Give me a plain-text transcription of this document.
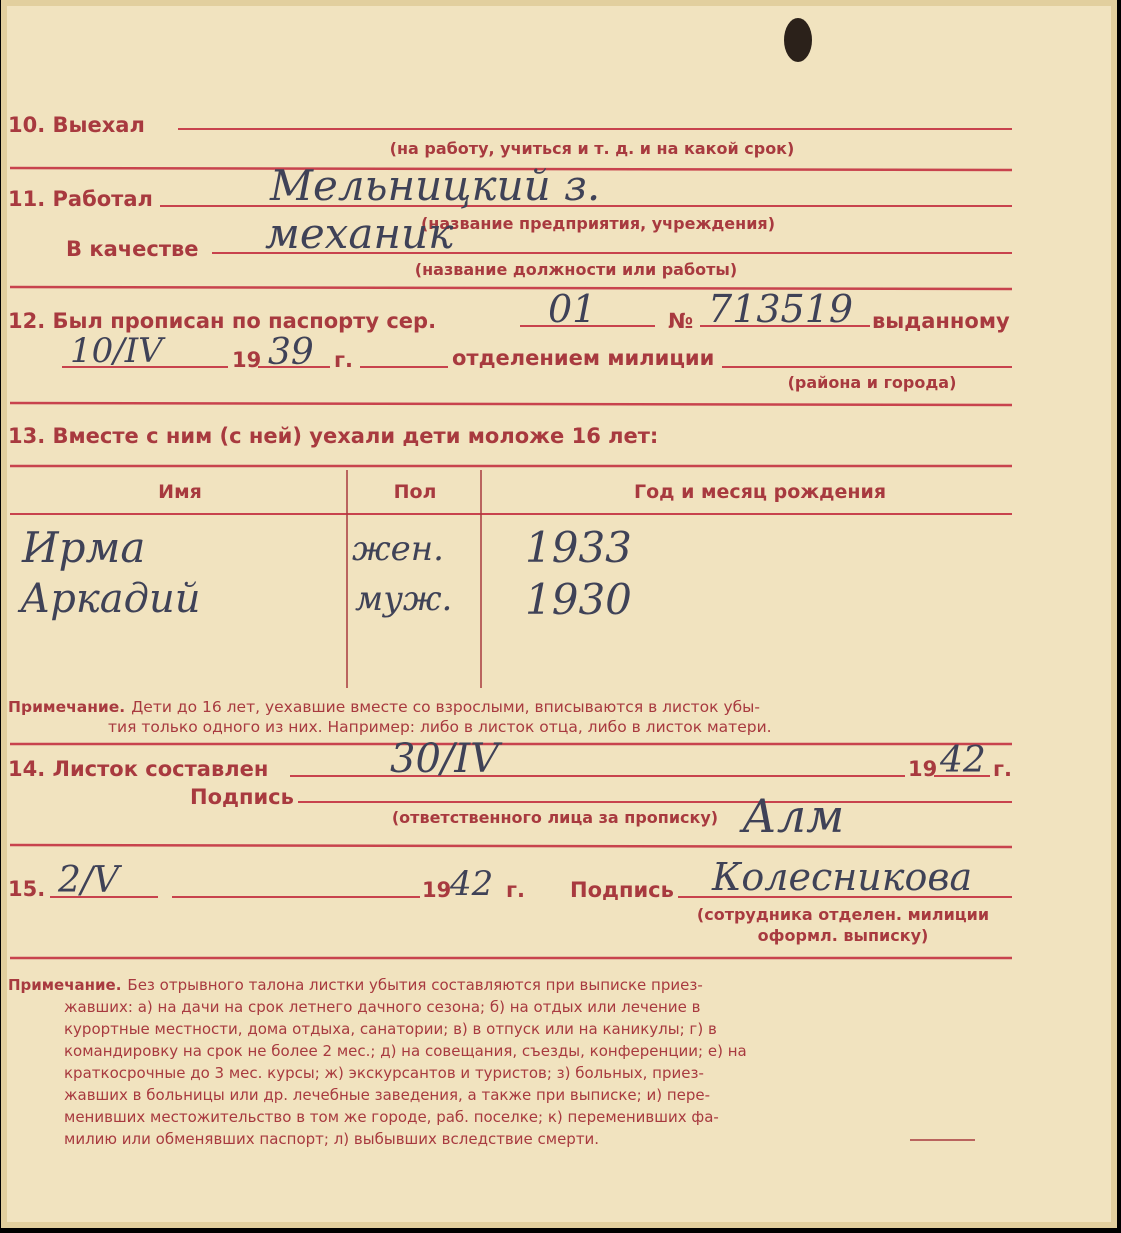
10. Выехал
(на работу, учиться и т. д. и на какой срок)
11. Работал	Мельницкий з.
(название предприятия, учреждения)
В качестве механик
(название должности или работы)
12. Был прописан по паспорту сер.	01	№ 713519 выданному
10/IV	19 39 г.	отделением милиции
(района и города)
13. Вместе с ним (с ней) уехали дети моложе 16 лет:
Имя	Пол	Год и месяц рождения
Ирма	жен. 1933
Аркадий	муж. 1930
Примечание. Дети до 16 лет, уехавшие вместе со взрослыми, вписываются в листок убы-
тия только одного из них. Например: либо в листок отца, либо в листок матери.
14. Листок составлен	30/IV	19 42 г.
Подпись
(ответственного лица за прописку) Алм
15. 2/V	19
42 г. Подпись Колесникова
(сотрудника отделен. милиции
оформл. выписку)
Примечание. Без отрывного талона листки убытия составляются при выписке приез-
жавших: а) на дачи на срок летнего дачного сезона; б) на отдых или лечение в
курортные местности, дома отдыха, санатории; в) в отпуск или на каникулы; г) в
командировку на срок не более 2 мес.; д) на совещания, съезды, конференции; е) на
краткосрочные до 3 мес. курсы; ж) экскурсантов и туристов; з) больных, приез-
жавших в больницы или др. лечебные заведения, а также при выписке; и) пере-
менивших местожительство в том же городе, раб. поселке; к) переменивших фа-
милию или обменявших паспорт; л) выбывших вследствие смерти.
